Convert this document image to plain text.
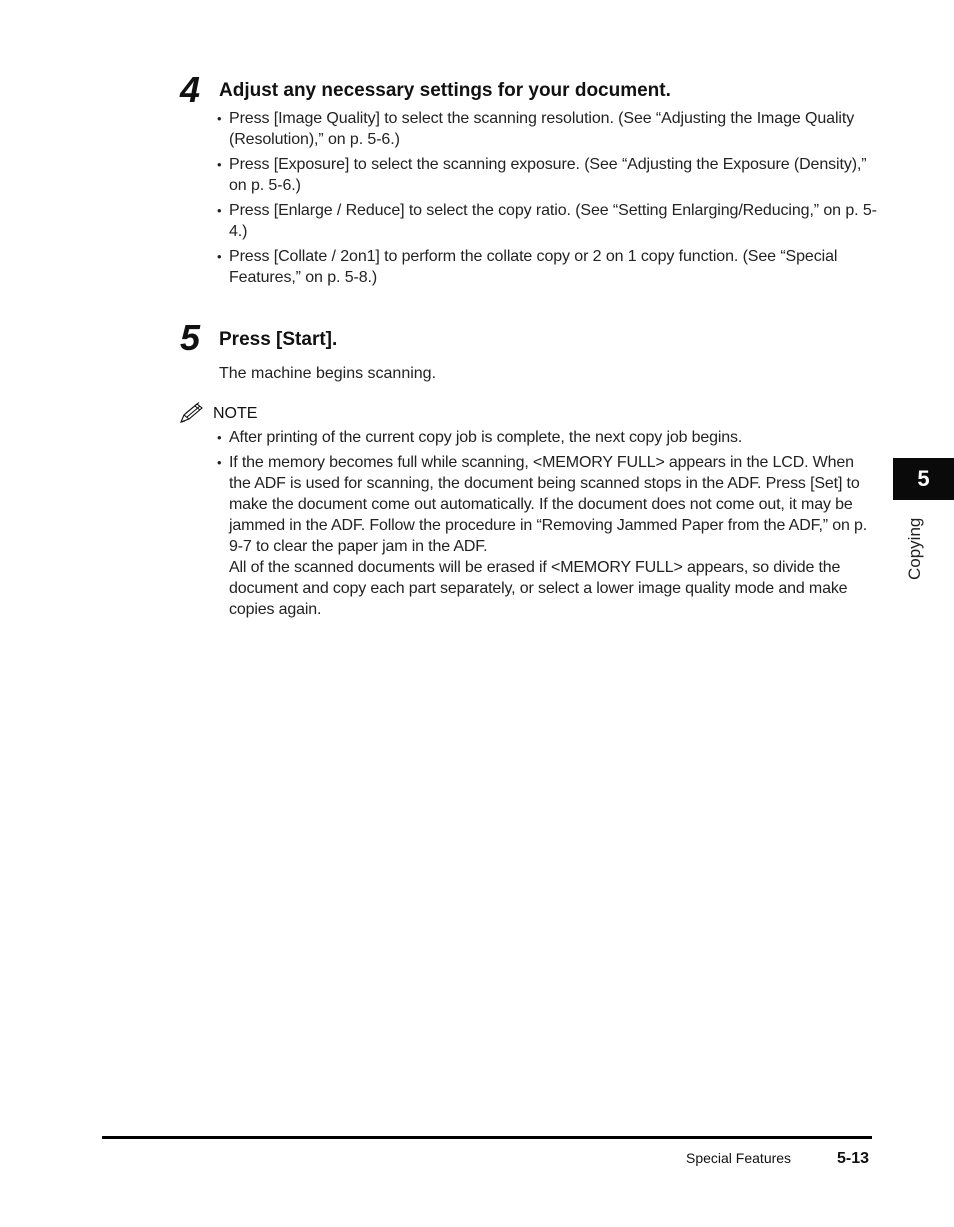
4 Adjust any necessary settings for your document.
• Press [Image Quality] to select the scanning resolution. (See “Adjusting the Image Quality (Resolution),” on p. 5-6.)
• Press [Exposure] to select the scanning exposure. (See “Adjusting the Exposure (Density),” on p. 5-6.)
• Press [Enlarge / Reduce] to select the copy ratio. (See “Setting Enlarging/Reducing,” on p. 5-4.)
• Press [Collate / 2on1] to perform the collate copy or 2 on 1 copy function. (See “Special Features,” on p. 5-8.)
5 Press [Start].
The machine begins scanning.
NOTE
• After printing of the current copy job is complete, the next copy job begins.
• If the memory becomes full while scanning, <MEMORY FULL> appears in the LCD. When the ADF is used for scanning, the document being scanned stops in the ADF. Press [Set] to make the document come out automatically. If the document does not come out, it may be jammed in the ADF. Follow the procedure in “Removing Jammed Paper from the ADF,” on p. 9-7 to clear the paper jam in the ADF.
All of the scanned documents will be erased if <MEMORY FULL> appears, so divide the document and copy each part separately, or select a lower image quality mode and make copies again.
5
Copying
Special Features	5-13
